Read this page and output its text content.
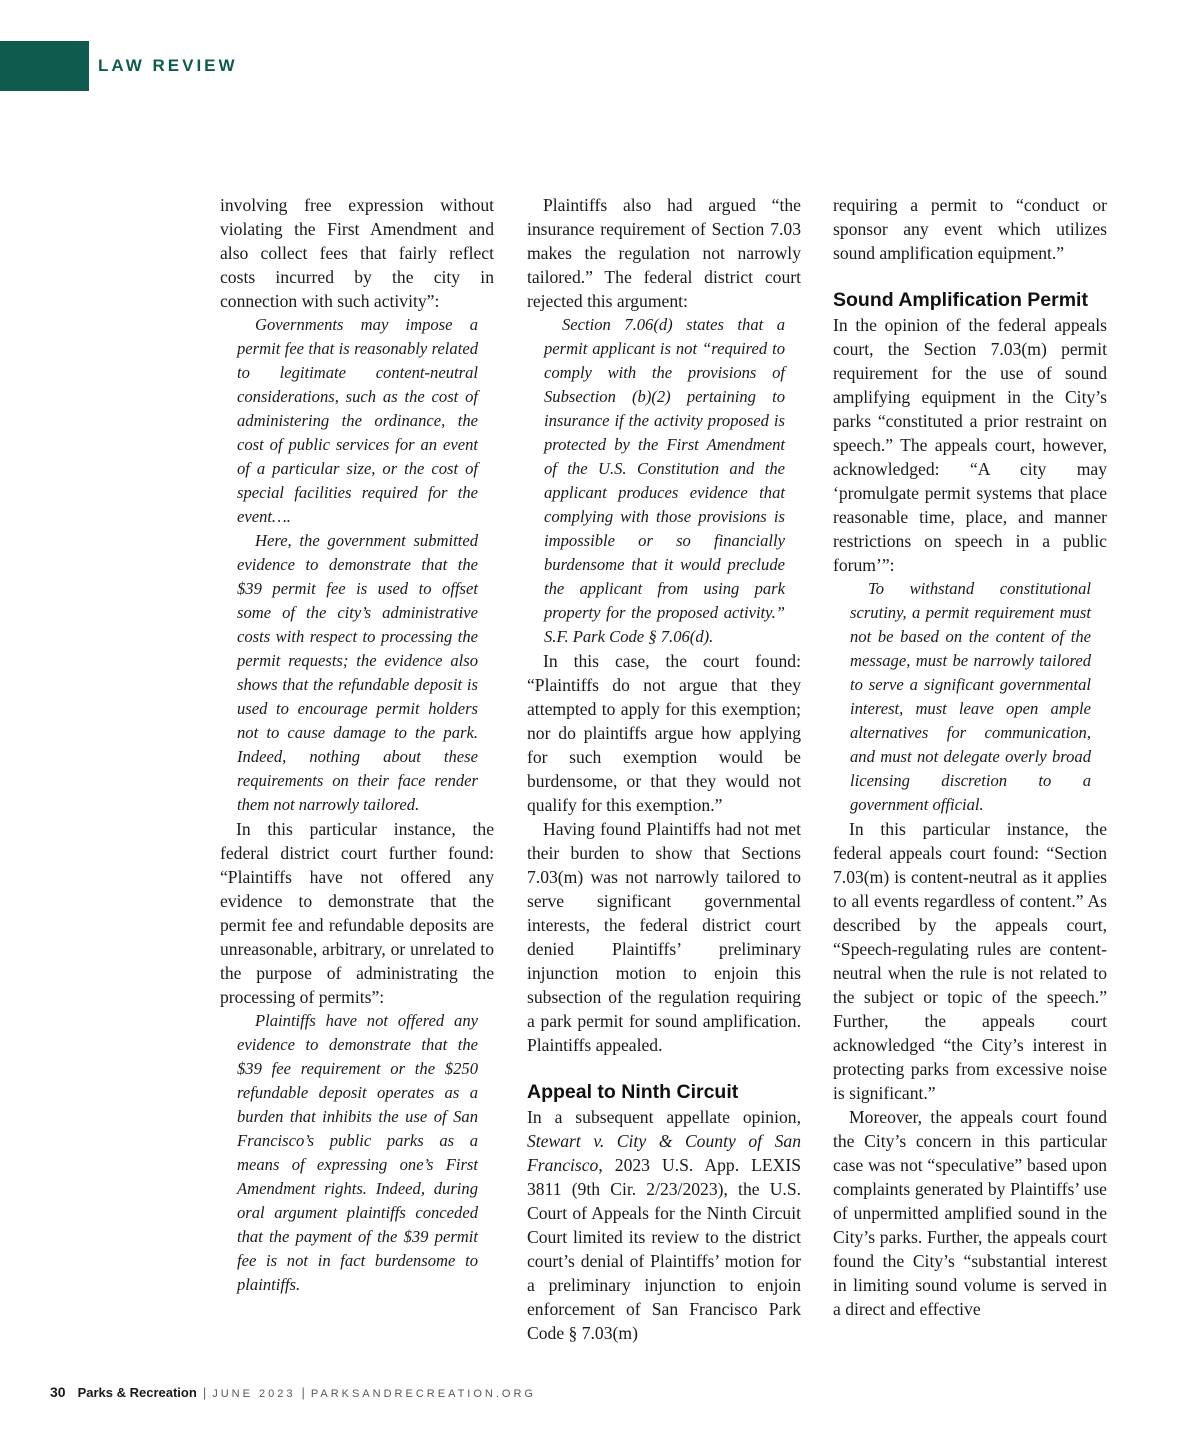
LAW REVIEW

involving free expression without violating the First Amendment and also collect fees that fairly reflect costs incurred by the city in connection with such activity”:

Governments may impose a permit fee that is reasonably related to legitimate content-neutral considerations, such as the cost of administering the ordinance, the cost of public services for an event of a particular size, or the cost of special facilities required for the event….

Here, the government submitted evidence to demonstrate that the $39 permit fee is used to offset some of the city’s administrative costs with respect to processing the permit requests; the evidence also shows that the refundable deposit is used to encourage permit holders not to cause damage to the park. Indeed, nothing about these requirements on their face render them not narrowly tailored.

In this particular instance, the federal district court further found: “Plaintiffs have not offered any evidence to demonstrate that the permit fee and refundable deposits are unreasonable, arbitrary, or unrelated to the purpose of administrating the processing of permits”:

Plaintiffs have not offered any evidence to demonstrate that the $39 fee requirement or the $250 refundable deposit operates as a burden that inhibits the use of San Francisco’s public parks as a means of expressing one’s First Amendment rights. Indeed, during oral argument plaintiffs conceded that the payment of the $39 permit fee is not in fact burdensome to plaintiffs.

Plaintiffs also had argued “the insurance requirement of Section 7.03 makes the regulation not narrowly tailored.” The federal district court rejected this argument:

Section 7.06(d) states that a permit applicant is not “required to comply with the provisions of Subsection (b)(2) pertaining to insurance if the activity proposed is protected by the First Amendment of the U.S. Constitution and the applicant produces evidence that complying with those provisions is impossible or so financially burdensome that it would preclude the applicant from using park property for the proposed activity.” S.F. Park Code § 7.06(d).

In this case, the court found: “Plaintiffs do not argue that they attempted to apply for this exemption; nor do plaintiffs argue how applying for such exemption would be burdensome, or that they would not qualify for this exemption.”

Having found Plaintiffs had not met their burden to show that Sections 7.03(m) was not narrowly tailored to serve significant governmental interests, the federal district court denied Plaintiffs’ preliminary injunction motion to enjoin this subsection of the regulation requiring a park permit for sound amplification. Plaintiffs appealed.

Appeal to Ninth Circuit

In a subsequent appellate opinion, Stewart v. City & County of San Francisco, 2023 U.S. App. LEXIS 3811 (9th Cir. 2/23/2023), the U.S. Court of Appeals for the Ninth Circuit Court limited its review to the district court’s denial of Plaintiffs’ motion for a preliminary injunction to enjoin enforcement of San Francisco Park Code § 7.03(m)

requiring a permit to “conduct or sponsor any event which utilizes sound amplification equipment.”

Sound Amplification Permit

In the opinion of the federal appeals court, the Section 7.03(m) permit requirement for the use of sound amplifying equipment in the City’s parks “constituted a prior restraint on speech.” The appeals court, however, acknowledged: “A city may ‘promulgate permit systems that place reasonable time, place, and manner restrictions on speech in a public forum’”:

To withstand constitutional scrutiny, a permit requirement must not be based on the content of the message, must be narrowly tailored to serve a significant governmental interest, must leave open ample alternatives for communication, and must not delegate overly broad licensing discretion to a government official.

In this particular instance, the federal appeals court found: “Section 7.03(m) is content-neutral as it applies to all events regardless of content.” As described by the appeals court, “Speech-regulating rules are content-neutral when the rule is not related to the subject or topic of the speech.” Further, the appeals court acknowledged “the City’s interest in protecting parks from excessive noise is significant.”

Moreover, the appeals court found the City’s concern in this particular case was not “speculative” based upon complaints generated by Plaintiffs’ use of unpermitted amplified sound in the City’s parks. Further, the appeals court found the City’s “substantial interest in limiting sound volume is served in a direct and effective

30 Parks & Recreation | JUNE 2023 | PARKSANDRECREATION.ORG
